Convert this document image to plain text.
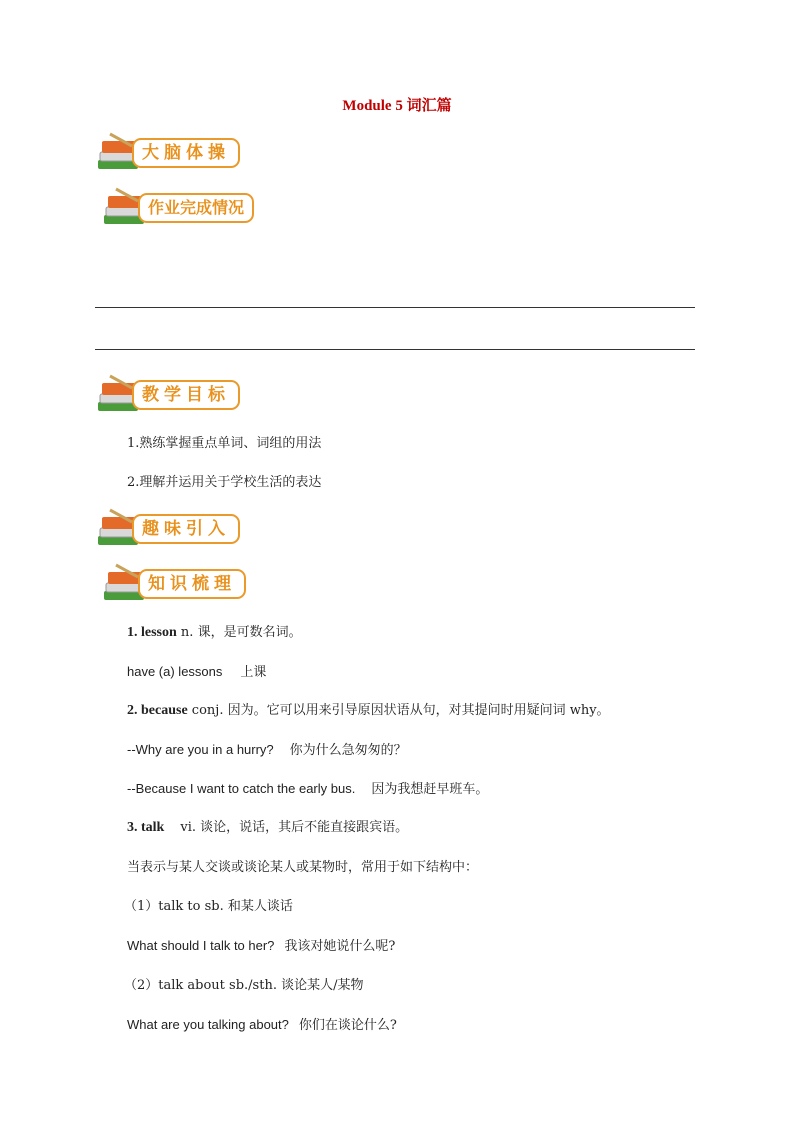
Module 5 词汇篇
大脑体操
作业完成情况
教学目标
1.熟练掌握重点单词、词组的用法
2.理解并运用关于学校生活的表达
趣味引入
知识梳理
1. lesson n. 课，是可数名词。
have (a) lessons 上课
2. because conj. 因为。它可以用来引导原因状语从句，对其提问时用疑问词 why。
--Why are you in a hurry? 你为什么急匆匆的？
--Because I want to catch the early bus. 因为我想赶早班车。
3. talk vi. 谈论，说话，其后不能直接跟宾语。
当表示与某人交谈或谈论某人或某物时，常用于如下结构中：
（1）talk to sb. 和某人谈话
What should I talk to her? 我该对她说什么呢?
（2）talk about sb./sth. 谈论某人/某物
What are you talking about? 你们在谈论什么?
